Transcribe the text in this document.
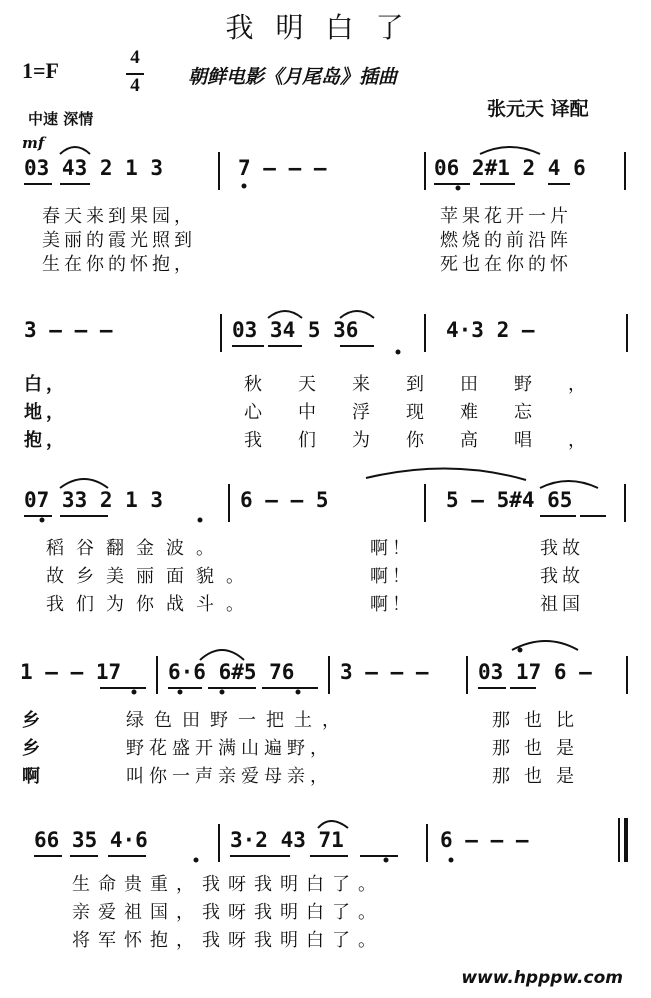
我明白了
1=F
4
4	朝鲜电影《月尾岛》插曲
张元天 译配
中速 深情
mf
03 43 2 1 3	7 — — —	06 2#1 2 4 6
春天来到果园，	苹果花开一片
美丽的霞光照到	燃烧的前沿阵
生在你的怀抱，	死也在你的怀
3 — — —	03 34 5 36	4·3 2 —
白，	秋天来到田野，
地，	心中浮现难忘
抱，	我们为你高唱，
07 33 2 1 3	6 — — 5	5 — 5#4 65
稻谷翻金波。	啊！	我故
故乡美丽面貌。	啊！	我故
我们为你战斗。	啊！	祖国
1 — — 17 6·6 6#5 76 3 — — — 03 17 6 —
乡	绿色田野一把土，	那也比
乡	野花盛开满山遍野，	那也是
啊	叫你一声亲爱母亲，	那也是
66 35 4·6	3·2 43 71	6 — — —
生命贵重，我呀我明白了。
亲爱祖国，我呀我明白了。
将军怀抱，我呀我明白了。
www.hpppw.com
